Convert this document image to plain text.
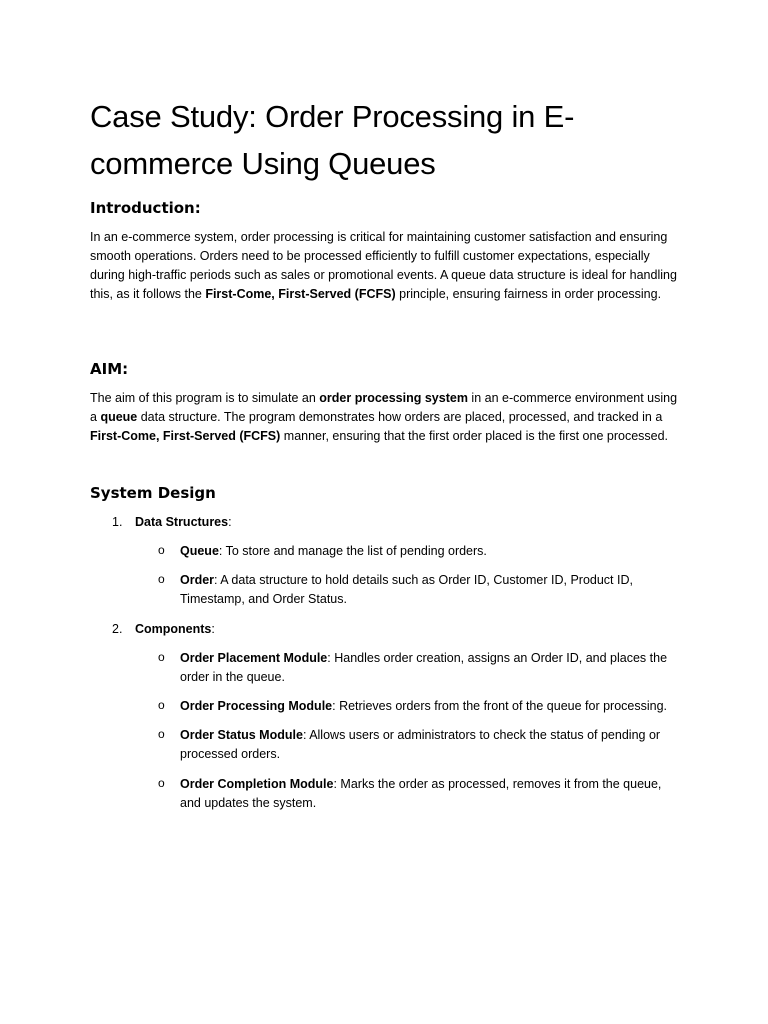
Case Study: Order Processing in E-commerce Using Queues
Introduction:

In an e-commerce system, order processing is critical for maintaining customer satisfaction and ensuring smooth operations. Orders need to be processed efficiently to fulfill customer expectations, especially during high-traffic periods such as sales or promotional events. A queue data structure is ideal for handling this, as it follows the First-Come, First-Served (FCFS) principle, ensuring fairness in order processing.

AIM:

The aim of this program is to simulate an order processing system in an e-commerce environment using a queue data structure. The program demonstrates how orders are placed, processed, and tracked in a First-Come, First-Served (FCFS) manner, ensuring that the first order placed is the first one processed.

System Design
1.	Data Structures:
o Queue: To store and manage the list of pending orders.
o Order: A data structure to hold details such as Order ID, Customer ID, Product ID, Timestamp, and Order Status.
2.	Components:
o Order Placement Module: Handles order creation, assigns an Order ID, and places the order in the queue.
o Order Processing Module: Retrieves orders from the front of the queue for processing.
o Order Status Module: Allows users or administrators to check the status of pending or processed orders.
o Order Completion Module: Marks the order as processed, removes it from the queue, and updates the system.
